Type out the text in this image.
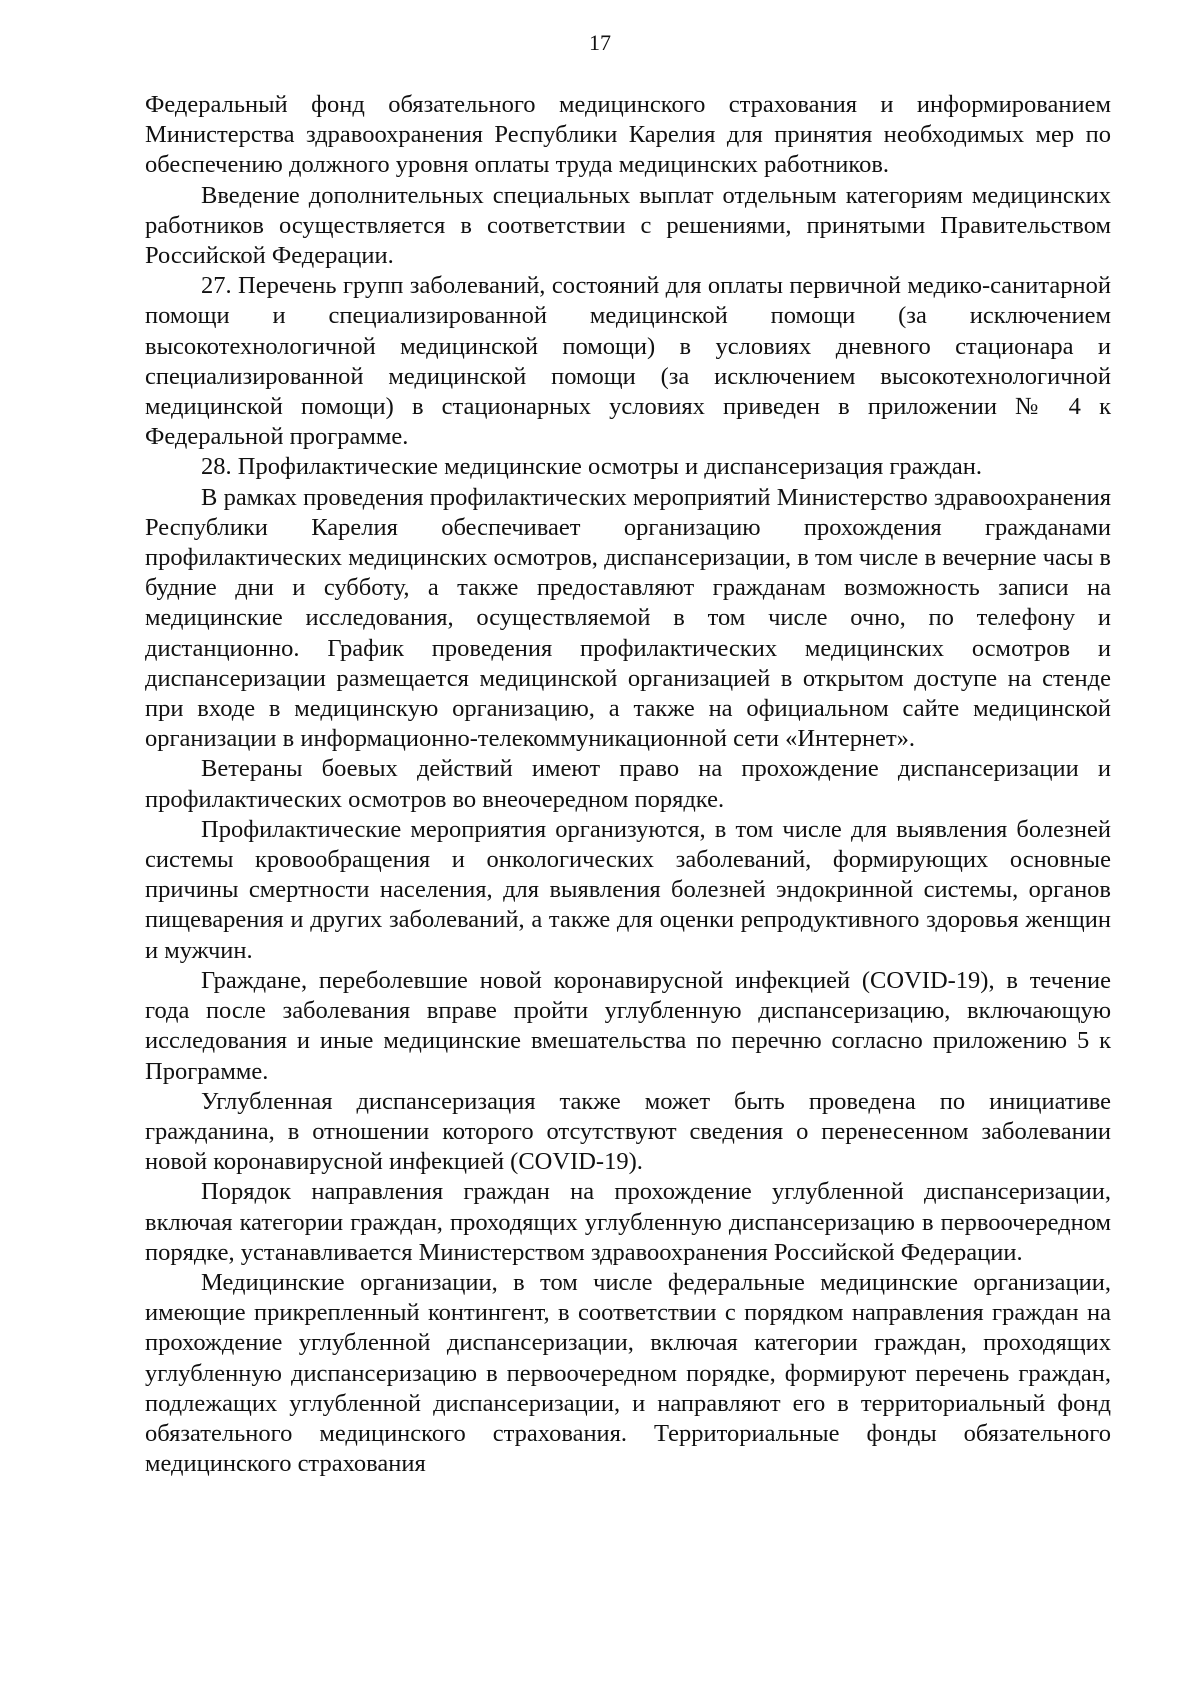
17

Федеральный фонд обязательного медицинского страхования и информированием Министерства здравоохранения Республики Карелия для принятия необходимых мер по обеспечению должного уровня оплаты труда медицинских работников.

Введение дополнительных специальных выплат отдельным категориям медицинских работников осуществляется в соответствии с решениями, принятыми Правительством Российской Федерации.

27. Перечень групп заболеваний, состояний для оплаты первичной медико-санитарной помощи и специализированной медицинской помощи (за исключением высокотехнологичной медицинской помощи) в условиях дневного стационара и специализированной медицинской помощи (за исключением высокотехнологичной медицинской помощи) в стационарных условиях приведен в приложении № 4 к Федеральной программе.

28. Профилактические медицинские осмотры и диспансеризация граждан.

В рамках проведения профилактических мероприятий Министерство здравоохранения Республики Карелия обеспечивает организацию прохождения гражданами профилактических медицинских осмотров, диспансеризации, в том числе в вечерние часы в будние дни и субботу, а также предоставляют гражданам возможность записи на медицинские исследования, осуществляемой в том числе очно, по телефону и дистанционно. График проведения профилактических медицинских осмотров и диспансеризации размещается медицинской организацией в открытом доступе на стенде при входе в медицинскую организацию, а также на официальном сайте медицинской организации в информационно-телекоммуникационной сети «Интернет».

Ветераны боевых действий имеют право на прохождение диспансеризации и профилактических осмотров во внеочередном порядке.

Профилактические мероприятия организуются, в том числе для выявления болезней системы кровообращения и онкологических заболеваний, формирующих основные причины смертности населения, для выявления болезней эндокринной системы, органов пищеварения и других заболеваний, а также для оценки репродуктивного здоровья женщин и мужчин.

Граждане, переболевшие новой коронавирусной инфекцией (COVID-19), в течение года после заболевания вправе пройти углубленную диспансеризацию, включающую исследования и иные медицинские вмешательства по перечню согласно приложению 5 к Программе.

Углубленная диспансеризация также может быть проведена по инициативе гражданина, в отношении которого отсутствуют сведения о перенесенном заболевании новой коронавирусной инфекцией (COVID-19).

Порядок направления граждан на прохождение углубленной диспансеризации, включая категории граждан, проходящих углубленную диспансеризацию в первоочередном порядке, устанавливается Министерством здравоохранения Российской Федерации.

Медицинские организации, в том числе федеральные медицинские организации, имеющие прикрепленный контингент, в соответствии с порядком направления граждан на прохождение углубленной диспансеризации, включая категории граждан, проходящих углубленную диспансеризацию в первоочередном порядке, формируют перечень граждан, подлежащих углубленной диспансеризации, и направляют его в территориальный фонд обязательного медицинского страхования. Территориальные фонды обязательного медицинского страхования
